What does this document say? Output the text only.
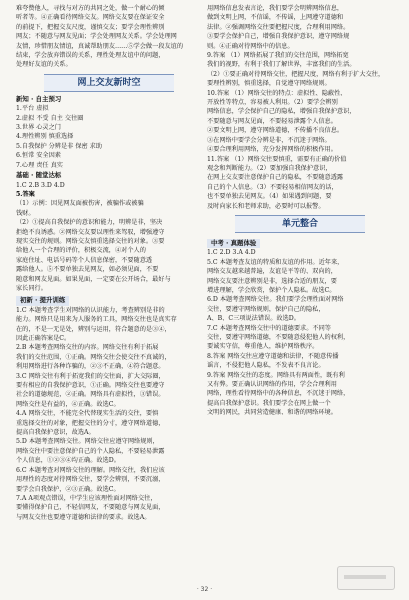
难夸赞他人，寻找与对方的共同之处，做一个耐心的倾

听者等。④正确看待网络交友。网络交友要在保证安全

的前提下，把握交友尺度，谨慎交友；要学会理性辨别

网友；不随意与网友见面；学会处理网友关系。学会处理网

友情，珍惜朋友情谊，真诚帮助朋友……⑤学会做一段友谊的

结束，学会放弃错误的关系，理性处理友谊中的问题，

处理好友谊的关系。

网上交友新时空
新知 · 自主预习

1.平台 虚拟

2.虚拟 不受 自主 交往圈

3.世界 心灵之门

4.理性辨别 慎重选择

5.自我保护 分辨是非 保密 求助

6.恒常 安全因素

7.心理 责任 真实

基础 · 随堂达标

1.C 2.B 3.D 4.D

5.答案

（1）示例：因见网友面被伤害，被骗作或被骗

钱财。

（2）①提高自我保护的意识和能力，明辨是非，坚决

拒绝不良诱惑。②网络交友要以理性来驾驭，增强遵守

现实交往的规则。网络交友慎重选择交往的对象。③要

给他人一个合理的评价，积极交流，④对个人的

家庭住址、电话号码等个人信息保密，不要随意透

露给他人。⑤不要单独去见网友，如必须见面，不要

随意和网友见面。如果见面，一定要在公开场合，最好与

家长同行。

初新 · 提升训练

1.C 本题考查学生对网络的认识能力，考查辨别是非的

能力。网络只是用来为人服务的工具，网络交往也是真实存

在的，不是一无是处，辨别与运用，符合题意的是③④，

因此正确答案是C。

2.B 本题考查网络交往的内容。网络交往有利于拓展

我们的交往范围，①正确。网络交往会使交往不真诚的，

利用网络进行各种诈骗的，②③不正确，④符合题意。

3.C 网络交往有利于拓宽我们的交往面，扩大交际圈，

要有相应的自我保护意识，①正确。网络交往也要遵守

社会的道德规范，②正确。网络具有虚拟性，③错误。

网络交往是有益的，④正确。故选C。

4.A 网络交往，不能完全代替现实生活的交往，要慎

重选择交往的对象，把握交往的分寸，遵守网络道德，

提高自我保护意识，故选A。

5.D 本题考查网络交往。网络交往应遵守网络规则，

网络交往中要注意保护自己的个人隐私，不要轻易泄露

个人信息，①②③④均正确。故选D。

6.C 本题考查对网络交往的理解。网络交往，我们应该

用理性的态度对待网络交往，要学会辨别，不要沉溺，

要学会自我保护，②③正确。故选C。

7.A A项观点错误，中学生应该理性面对网络交往，

要懂得保护自己，不轻信网友，不要随意与网友见面，

与网友交往也要遵守道德和法律的要求。故选A。

用网络信息发表言论，我们要学会明辨网络信息，

做到文明上网，不信谣，不传谣，上网遵守道德和

法律。②强调网络交往要把握尺度，合理利用网络。

③要学会保护自己，增强自我保护意识，遵守网络规

则。④正确对待网络中的信息。

9.答案 （1）网络拓展了我们的交往范围，网络拓宽

我们的视野，有利于我们了解世界，丰富我们的生活。

（2）①要正确对待网络交往，把握尺度，网络有利于扩大交往，

要理性辨别，慎重选择，自觉遵守网络规则。

10.答案 （1）网络交往的特点：虚拟性、隐蔽性、

开放性等特点，容易被人利用。（2）要学会辨别

网络信息，学会保护自己的隐私，增强自我保护意识，

不要随意与网友见面，不要轻易泄露个人信息。

②要文明上网，遵守网络道德，不传播不良信息。

③在网络中要学会分辨是非，不沉迷于网络。

④要合理利用网络，充分发挥网络的积极作用。

11.答案 （1）网络交往要慎重，需要有正确的价值

观念和判断能力。（2）要加强自我保护意识，

在网上交友要注意保护自己的隐私，不要随意透露

自己的个人信息。（3）不要轻易相信网友的话，

也不要单独去见网友。（4）如果遇到问题，要

及时向家长和老师求助，必要时可以报警。

单元整合
中考 · 真题体验

1.C 2.D 3.A 4.D

5.C 本题考查友谊的特质和友谊的作用。近年来，

网络交友越来越普遍，友谊是平等的、双向的，

网络交友要注意辨别是非，选择合适的朋友，要

增进理解，学会欣赏，保护个人隐私。故选C。

6.D 本题考查网络交往。我们要学会理性面对网络

交往，要遵守网络规则，保护自己的隐私，

A、B、C三项说法错误。故选D。

7.C 本题考查网络交往中的道德要求。不同等

交往，要遵守网络道德，不要随意侵犯他人的权利，

要诚实守信，尊重他人，维护网络秩序。

8.答案 网络交往应遵守道德和法律，不随意传播

谣言，不侵犯他人隐私，不发表不良言论。

9.答案 网络交往的态度。网络具有两面性，既有利

又有弊。要正确认识网络的作用，学会合理利用

网络，理性看待网络中的各种信息，不沉迷于网络，

提高自我保护意识。我们要学会在网上做一个

文明的网民，共同营造健康、和谐的网络环境。

· 32 ·
